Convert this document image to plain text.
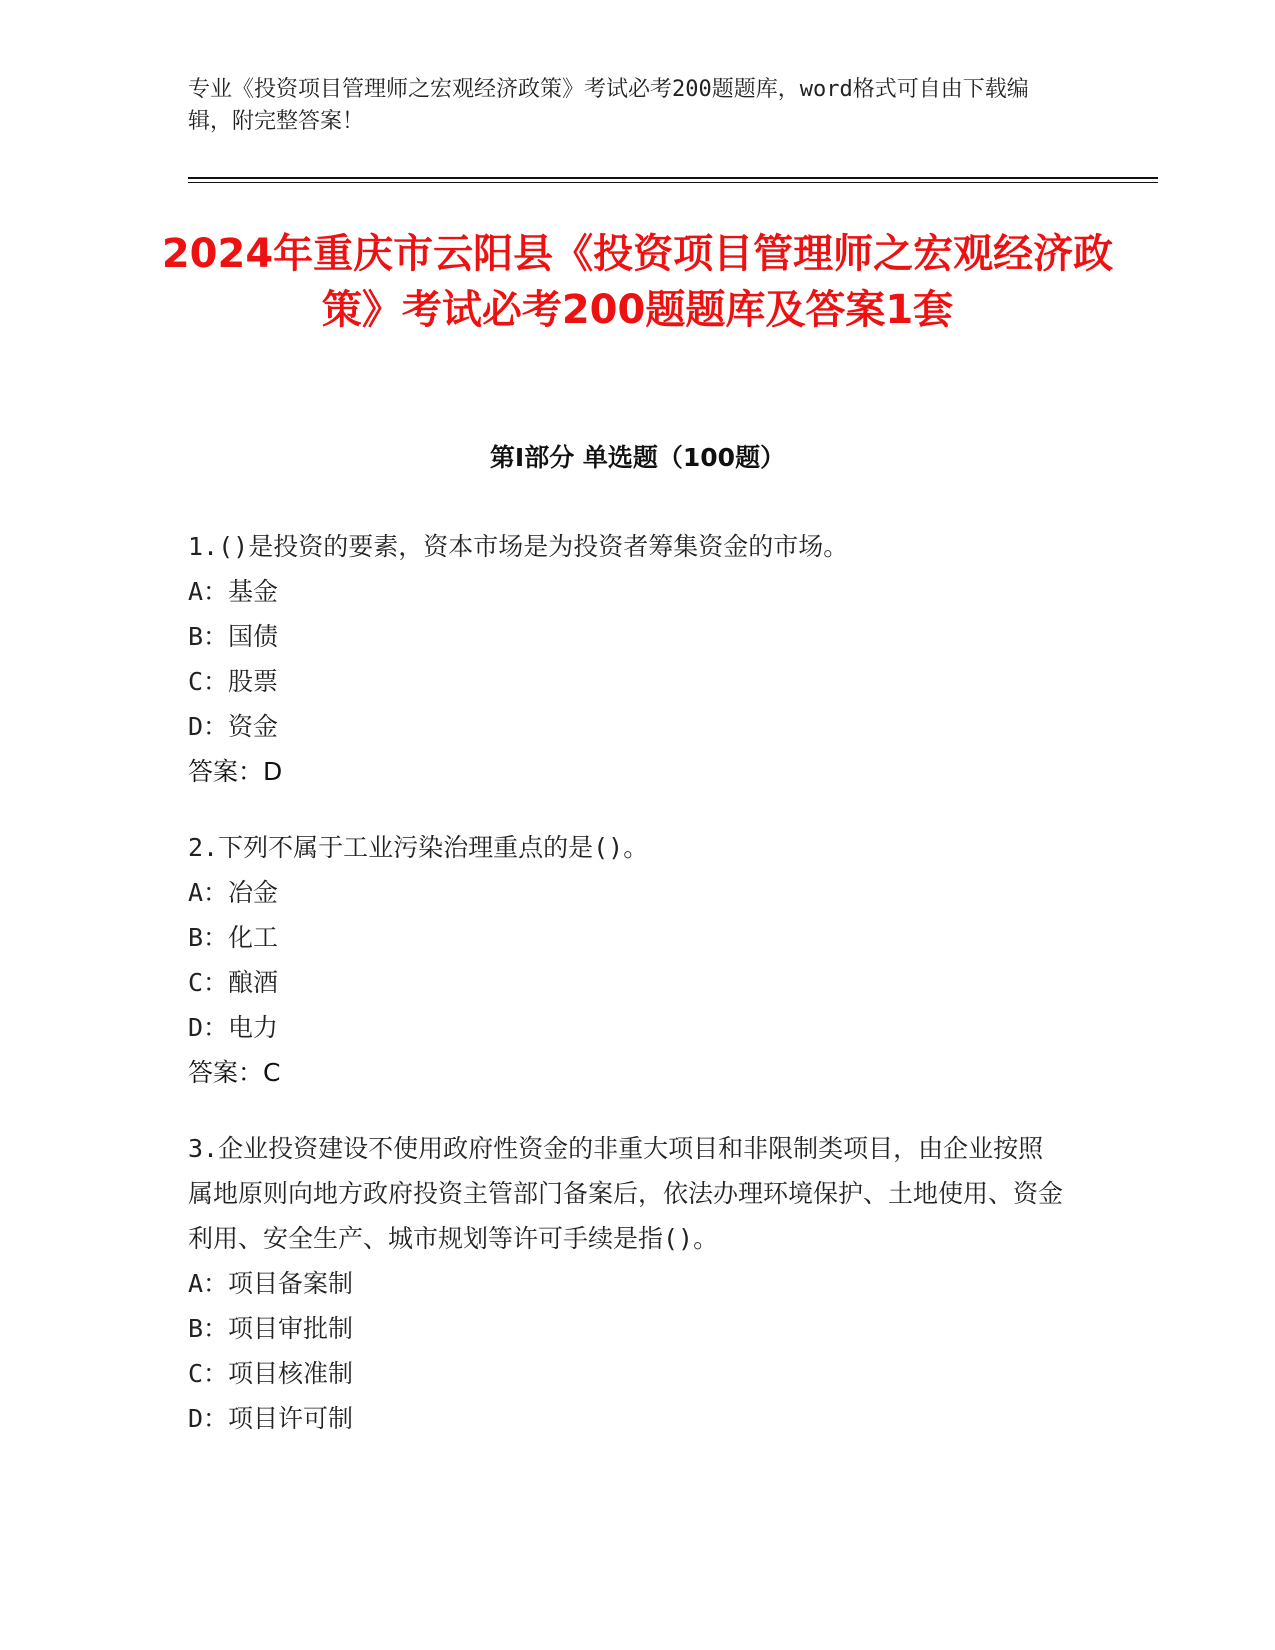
专业《投资项目管理师之宏观经济政策》考试必考200题题库，word格式可自由下载编辑，附完整答案！
2024年重庆市云阳县《投资项目管理师之宏观经济政策》考试必考200题题库及答案1套
第Ⅰ部分 单选题（100题）
1.()是投资的要素，资本市场是为投资者筹集资金的市场。
A：基金
B：国债
C：股票
D：资金
答案：D
2.下列不属于工业污染治理重点的是()。
A：冶金
B：化工
C：酿酒
D：电力
答案：C
3.企业投资建设不使用政府性资金的非重大项目和非限制类项目，由企业按照属地原则向地方政府投资主管部门备案后，依法办理环境保护、土地使用、资金利用、安全生产、城市规划等许可手续是指()。
A：项目备案制
B：项目审批制
C：项目核准制
D：项目许可制
